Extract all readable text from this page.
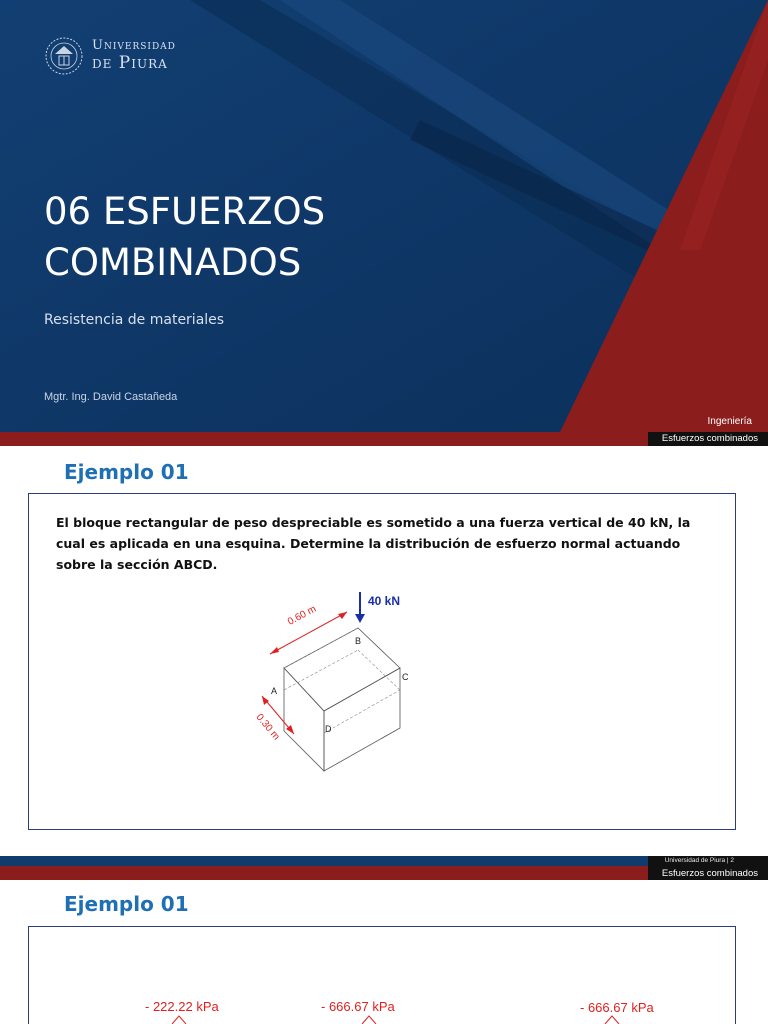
Universidad
de Piura
06 ESFUERZOS
COMBINADOS
Resistencia de materiales
Mgtr. Ing. David Castañeda
Ingeniería
Esfuerzos combinados
Ejemplo 01
El bloque rectangular de peso despreciable es sometido a una fuerza vertical de 40 kN, la cual es aplicada en una esquina. Determine la distribución de esfuerzo normal actuando sobre la sección ABCD.
40 kN
0.60 m
0.30 m
A
B
C
D
Universidad de Piura | 2
Esfuerzos combinados
Ejemplo 01
- 222.22 kPa	- 666.67 kPa	- 666.67 kPa
